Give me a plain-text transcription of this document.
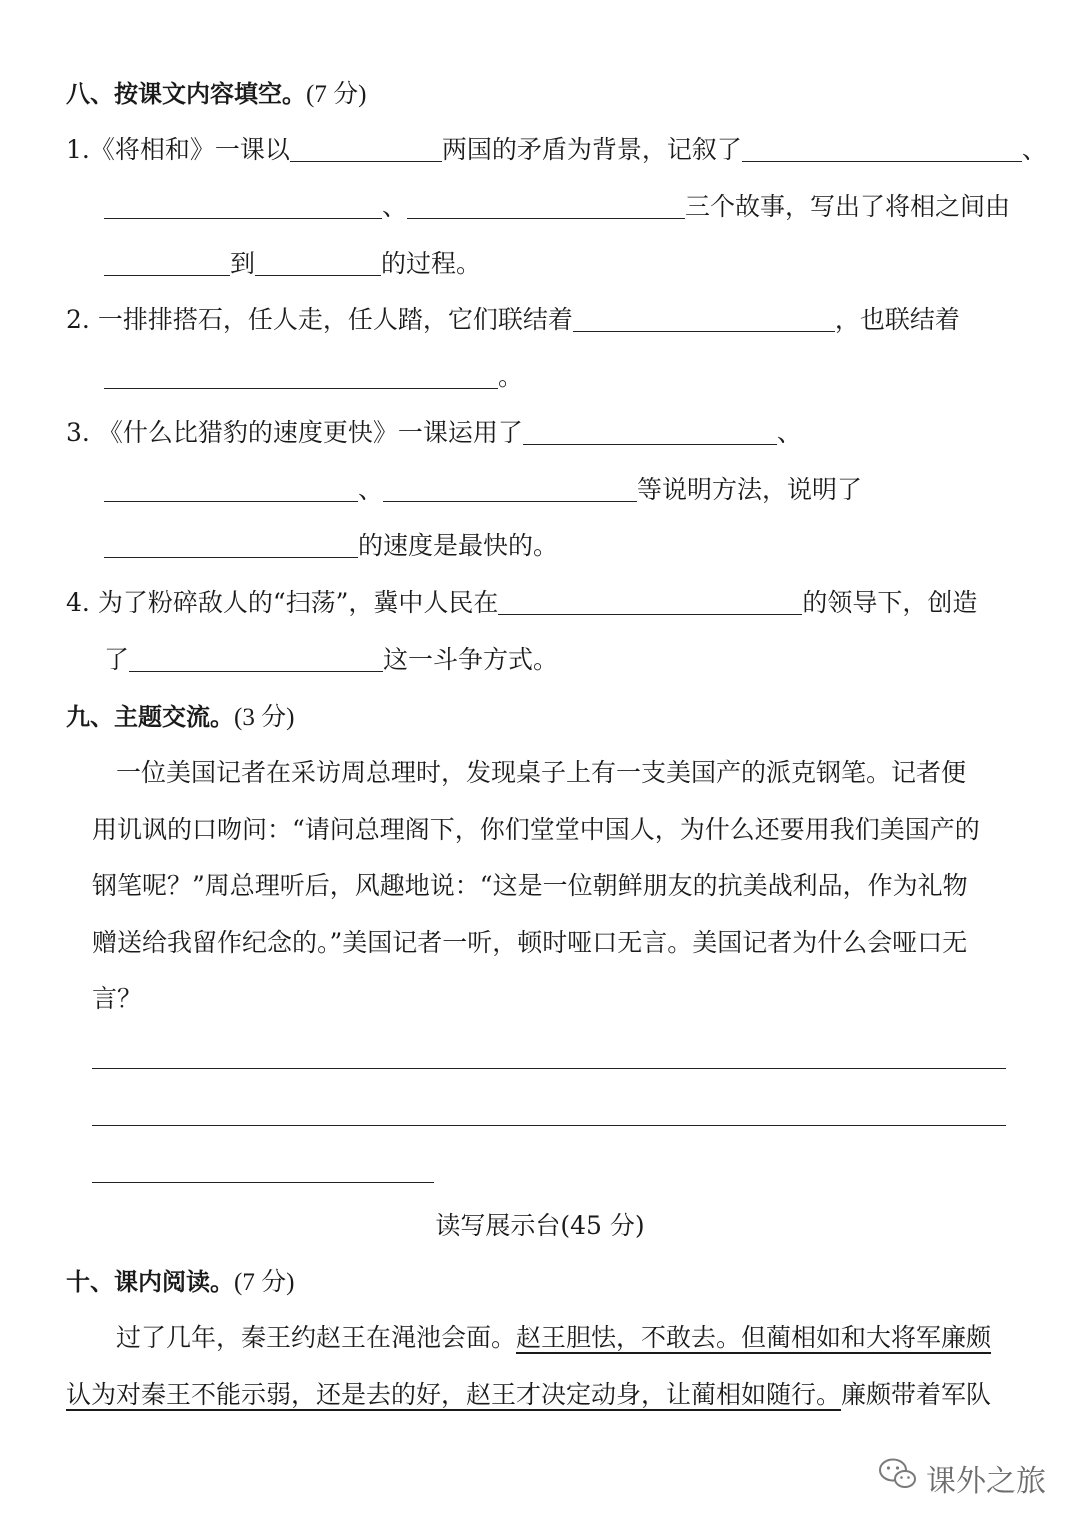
八、按课文内容填空。(7 分)
1.《将相和》一课以	两国的矛盾为背景，记叙了	、
、	三个故事，写出了将相之间由
到	的过程。
2. 一排排搭石，任人走，任人踏，它们联结着	，也联结着
。
3. 《什么比猎豹的速度更快》一课运用了	、
、	等说明方法，说明了
的速度是最快的。
4. 为了粉碎敌人的“扫荡”，冀中人民在	的领导下，创造
了	这一斗争方式。
九、主题交流。(3 分)
一位美国记者在采访周总理时，发现桌子上有一支美国产的派克钢笔。记者便
用讥讽的口吻问：“请问总理阁下，你们堂堂中国人，为什么还要用我们美国产的
钢笔呢？”周总理听后，风趣地说：“这是一位朝鲜朋友的抗美战利品，作为礼物
赠送给我留作纪念的。”美国记者一听，顿时哑口无言。美国记者为什么会哑口无
言？
读写展示台(45 分)
十、课内阅读。(7 分)
过了几年，秦王约赵王在渑池会面。赵王胆怯，不敢去。但蔺相如和大将军廉颇
认为对秦王不能示弱，还是去的好，赵王才决定动身，让蔺相如随行。廉颇带着军队
课外之旅
